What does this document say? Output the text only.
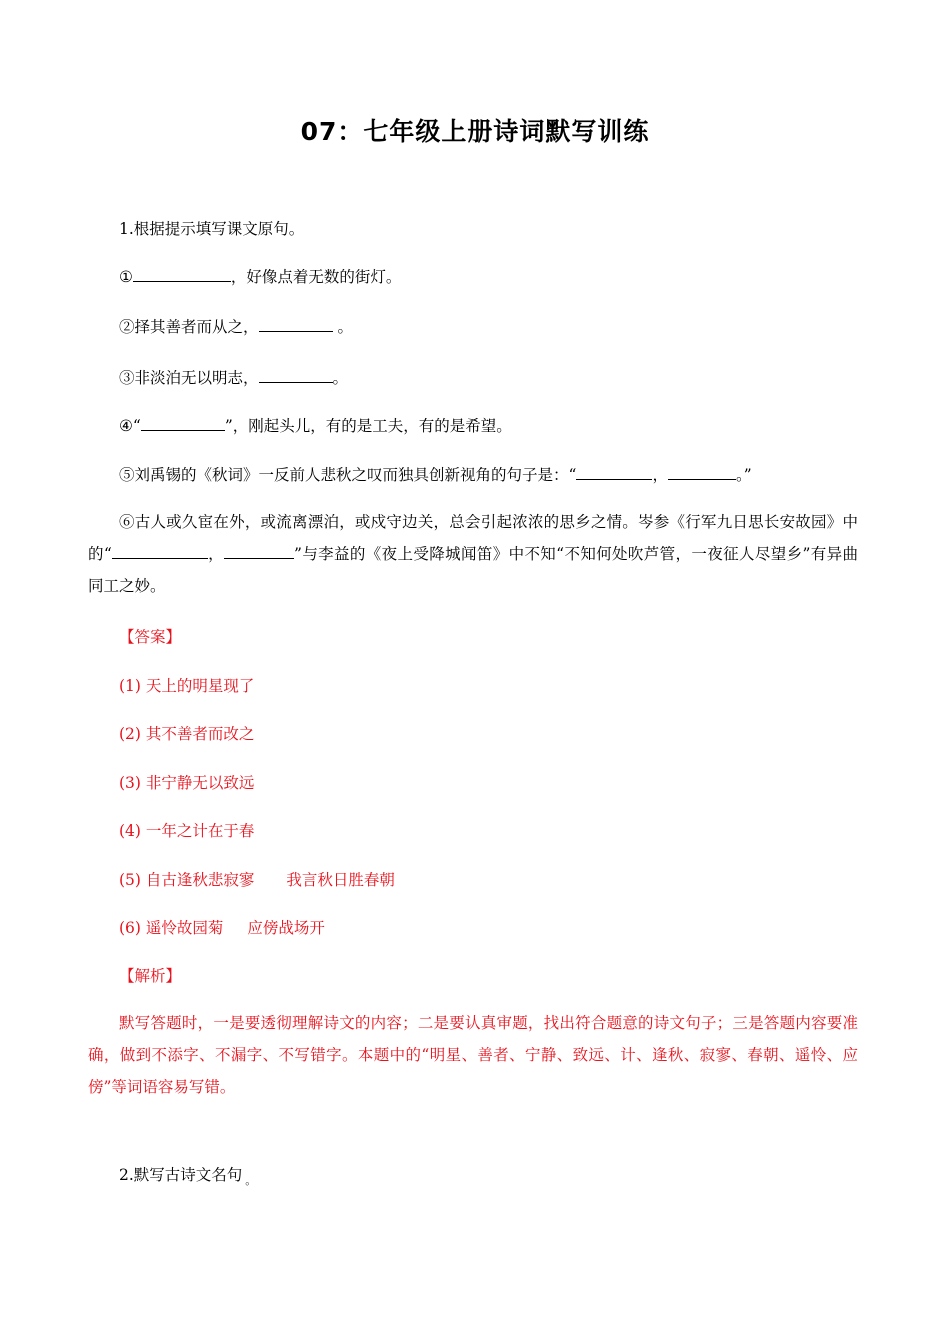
07：七年级上册诗词默写训练
1.根据提示填写课文原句。
①	，好像点着无数的街灯。
②择其善者而从之，	。
③非淡泊无以明志，	。
④“	”，刚起头儿，有的是工夫，有的是希望。
⑤刘禹锡的《秋词》一反前人悲秋之叹而独具创新视角的句子是：“	，	。”
⑥古人或久宦在外，或流离漂泊，或戍守边关，总会引起浓浓的思乡之情。岑参《行军九日思长安故园》中的“	，	”与李益的《夜上受降城闻笛》中不知“不知何处吹芦管，一夜征人尽望乡”有异曲同工之妙。
【答案】
(1) 天上的明星现了
(2) 其不善者而改之
(3) 非宁静无以致远
(4) 一年之计在于春
(5) 自古逢秋悲寂寥 我言秋日胜春朝
(6) 遥怜故园菊 应傍战场开
【解析】
默写答题时，一是要透彻理解诗文的内容；二是要认真审题，找出符合题意的诗文句子；三是答题内容要准确，做到不添字、不漏字、不写错字。本题中的“明星、善者、宁静、致远、计、逢秋、寂寥、春朝、遥怜、应傍”等词语容易写错。
2.默写古诗文名句 $_。$
